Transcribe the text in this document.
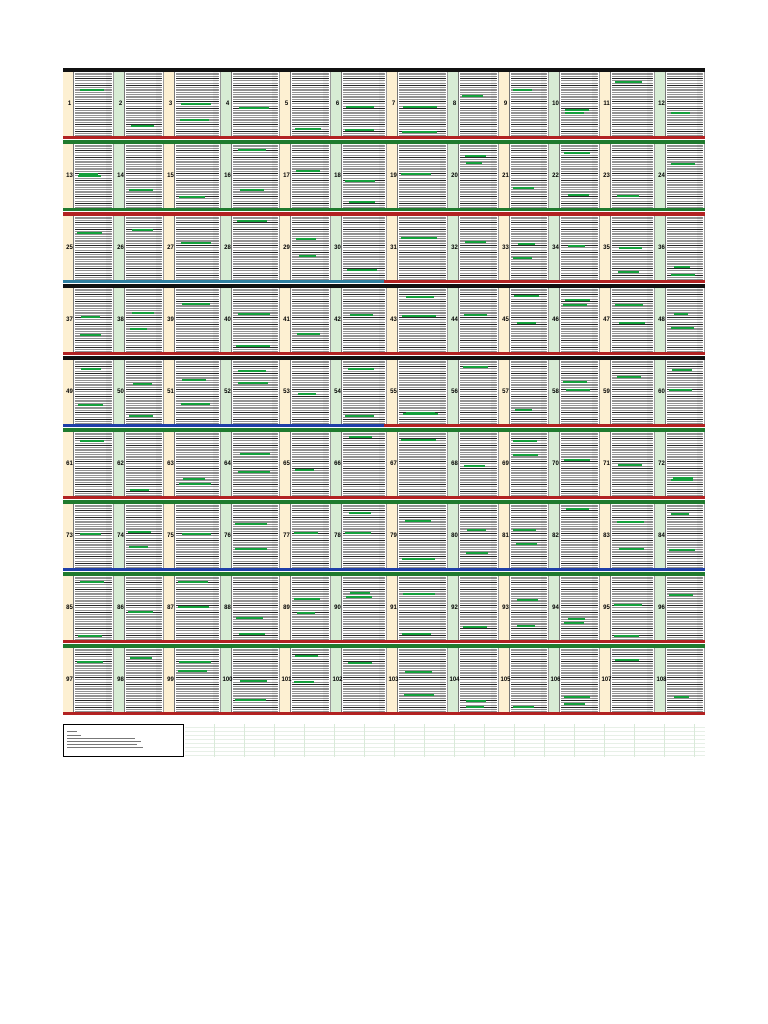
1	2	3	4	5	6	7	8	9	10	11	12
13	14	15	16	17	18	19	20	21	22	23	24
25	26	27	28	29	30	31	32	33	34	35	36
37	38	39	40	41	42	43	44	45	46	47	48
49	50	51	52	53	54	55	56	57	58	59	60
61	62	63	64	65	66	67	68	69	70	71	72
73	74	75	76	77	78	79	80	81	82	83	84
85	86	87	88	89	90	91	92	93	94	95	96
97	98	99	100	101	102	103	104	105	106	107	108
